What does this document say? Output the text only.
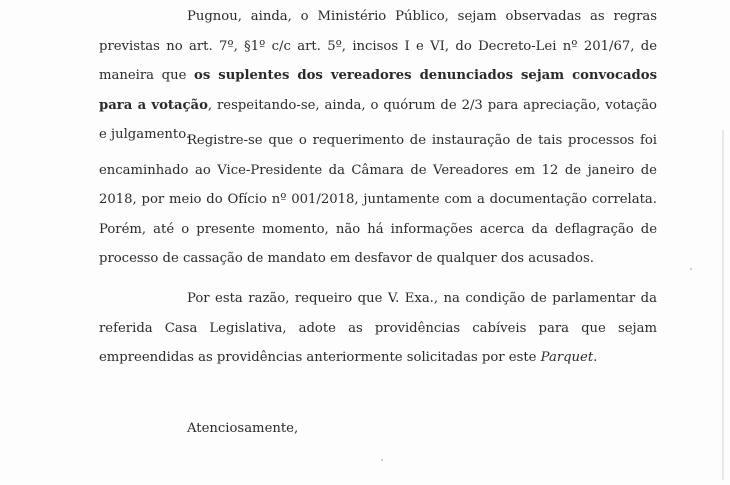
Pugnou, ainda, o Ministério Público, sejam observadas as regras previstas no art. 7º, §1º c/c art. 5º, incisos I e VI, do Decreto-Lei nº 201/67, de maneira que os suplentes dos vereadores denunciados sejam convocados para a votação, respeitando-se, ainda, o quórum de 2/3 para apreciação, votação e julgamento.

Registre-se que o requerimento de instauração de tais processos foi encaminhado ao Vice-Presidente da Câmara de Vereadores em 12 de janeiro de 2018, por meio do Ofício nº 001/2018, juntamente com a documentação correlata. Porém, até o presente momento, não há informações acerca da deflagração de processo de cassação de mandato em desfavor de qualquer dos acusados.

Por esta razão, requeiro que V. Exa., na condição de parlamentar da referida Casa Legislativa, adote as providências cabíveis para que sejam empreendidas as providências anteriormente solicitadas por este Parquet.

Atenciosamente,
